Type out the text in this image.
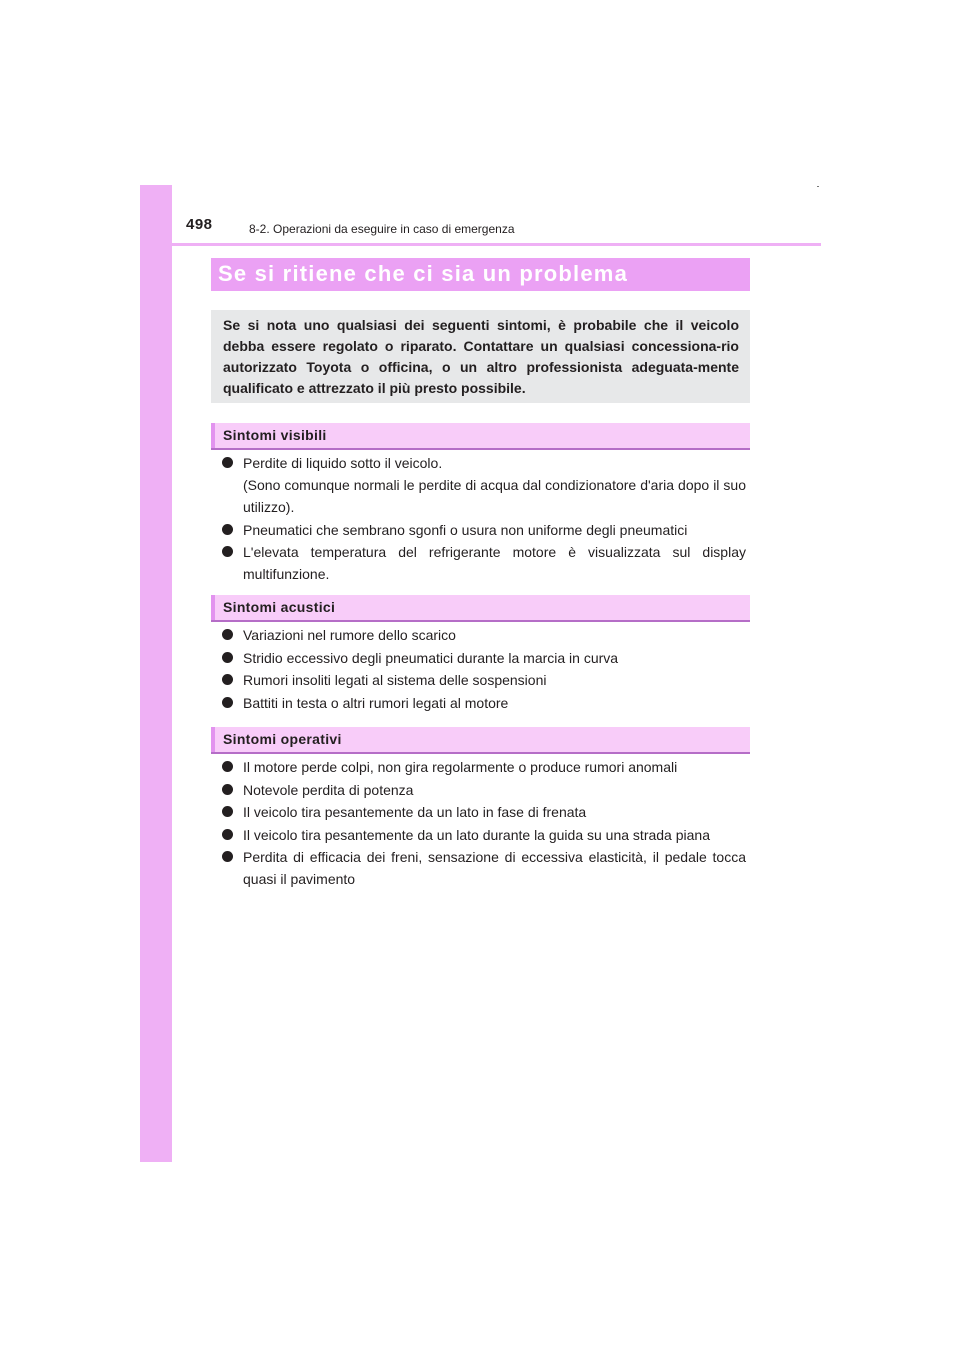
498	8-2. Operazioni da eseguire in caso di emergenza
Se si ritiene che ci sia un problema

Se si nota uno qualsiasi dei seguenti sintomi, è probabile che il veicolo debba essere regolato o riparato. Contattare un qualsiasi concessiona-rio autorizzato Toyota o officina, o un altro professionista adeguata-mente qualificato e attrezzato il più presto possibile.

Sintomi visibili
Perdite di liquido sotto il veicolo.
(Sono comunque normali le perdite di acqua dal condizionatore d'aria dopo il suo utilizzo).
Pneumatici che sembrano sgonfi o usura non uniforme degli pneumatici
L'elevata temperatura del refrigerante motore è visualizzata sul display multifunzione.
Sintomi acustici
Variazioni nel rumore dello scarico
Stridio eccessivo degli pneumatici durante la marcia in curva
Rumori insoliti legati al sistema delle sospensioni
Battiti in testa o altri rumori legati al motore
Sintomi operativi
Il motore perde colpi, non gira regolarmente o produce rumori anomali
Notevole perdita di potenza
Il veicolo tira pesantemente da un lato in fase di frenata
Il veicolo tira pesantemente da un lato durante la guida su una strada piana
Perdita di efficacia dei freni, sensazione di eccessiva elasticità, il pedale tocca quasi il pavimento
